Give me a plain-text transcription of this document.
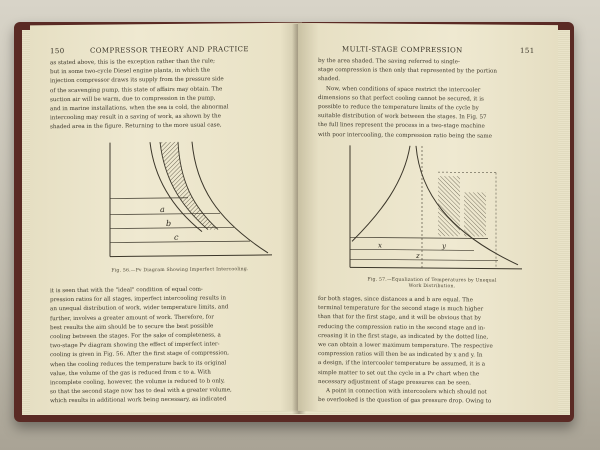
150	COMPRESSOR THEORY AND PRACTICE

as stated above, this is the exception rather than the rule;

but in some two-cycle Diesel engine plants, in which the

injection compressor draws its supply from the pressure side

of the scavenging pump, this state of affairs may obtain. The

suction air will be warm, due to compression in the pump,

and in marine installations, when the sea is cold, the abnormal

intercooling may result in a saving of work, as shown by the

shaded area in the figure. Returning to the more usual case,

a
b
c
Fig. 56.—Pv Diagram Showing Imperfect Intercooling.

it is seen that with the "ideal" condition of equal com-

pression ratios for all stages, imperfect intercooling results in

an unequal distribution of work, wider temperature limits, and

further, involves a greater amount of work. Therefore, for

best results the aim should be to secure the best possible

cooling between the stages. For the sake of completeness, a

two-stage Pv diagram showing the effect of imperfect inter-

cooling is given in Fig. 56. After the first stage of compression,

when the cooling reduces the temperature back to its original

value, the volume of the gas is reduced from c to a. With

incomplete cooling, however, the volume is reduced to b only,

so that the second stage now has to deal with a greater volume,

which results in additional work being necessary, as indicated

MULTI-STAGE COMPRESSION	151

by the area shaded. The saving referred to single-

stage compression is then only that represented by the portion

shaded.

Now, when conditions of space restrict the intercooler

dimensions so that perfect cooling cannot be secured, it is

possible to reduce the temperature limits of the cycle by

suitable distribution of work between the stages. In Fig. 57

the full lines represent the process in a two-stage machine

with poor intercooling, the compression ratio being the same

x	y
z
Fig. 57.—Equalization of Temperatures by Unequal
Work Distribution.

for both stages, since distances a and b are equal. The

terminal temperature for the second stage is much higher

than that for the first stage, and it will be obvious that by

reducing the compression ratio in the second stage and in-

creasing it in the first stage, as indicated by the dotted line,

we can obtain a lower maximum temperature. The respective

compression ratios will then be as indicated by x and y. In

a design, if the intercooler temperature be assumed, it is a

simple matter to set out the cycle in a Pv chart when the

necessary adjustment of stage pressures can be seen.

A point in connection with intercoolers which should not

be overlooked is the question of gas pressure drop. Owing to
